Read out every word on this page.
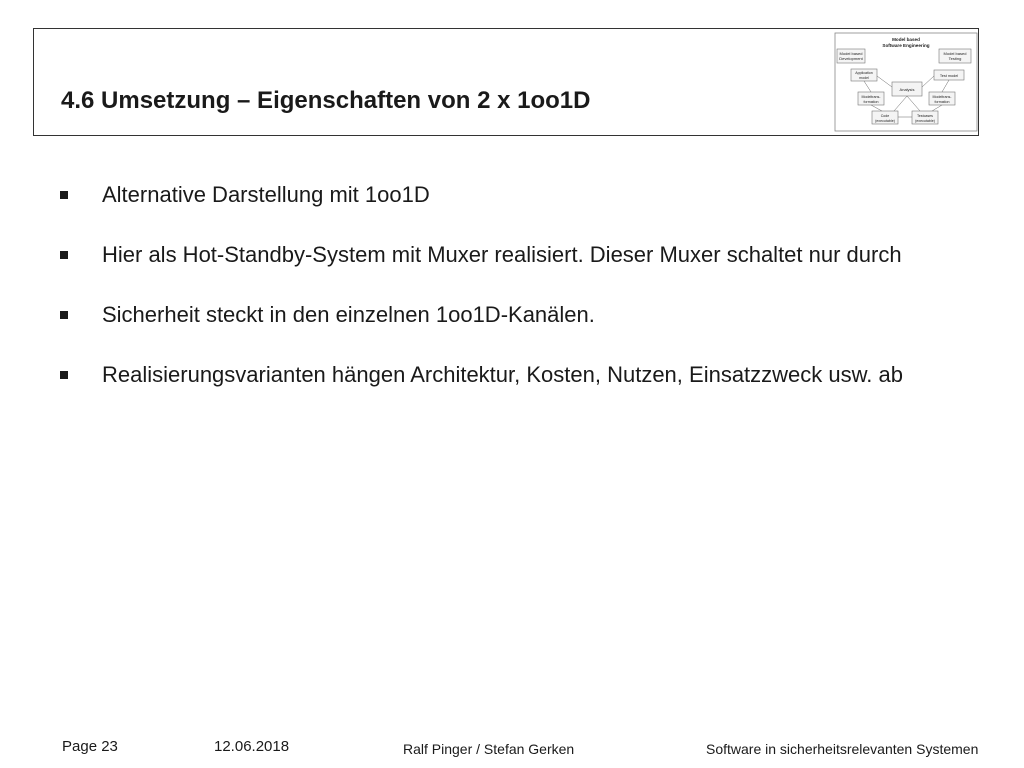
4.6 Umsetzung – Eigenschaften von 2 x 1oo1D
Model based
Software Engineering
Model based
Development
Model based
Testing
Application
model	Test model
Analysis
Modeltrans-
formation
Modeltrans-
formation
Code
(executable)
Testcases
(executable)
Alternative Darstellung mit 1oo1D
Hier als Hot-Standby-System mit Muxer realisiert. Dieser Muxer schaltet nur durch
Sicherheit steckt in den einzelnen 1oo1D-Kanälen.
Realisierungsvarianten hängen Architektur, Kosten, Nutzen, Einsatzzweck usw. ab
Page 23	12.06.2018	Ralf Pinger / Stefan Gerken	Software in sicherheitsrelevanten Systemen
